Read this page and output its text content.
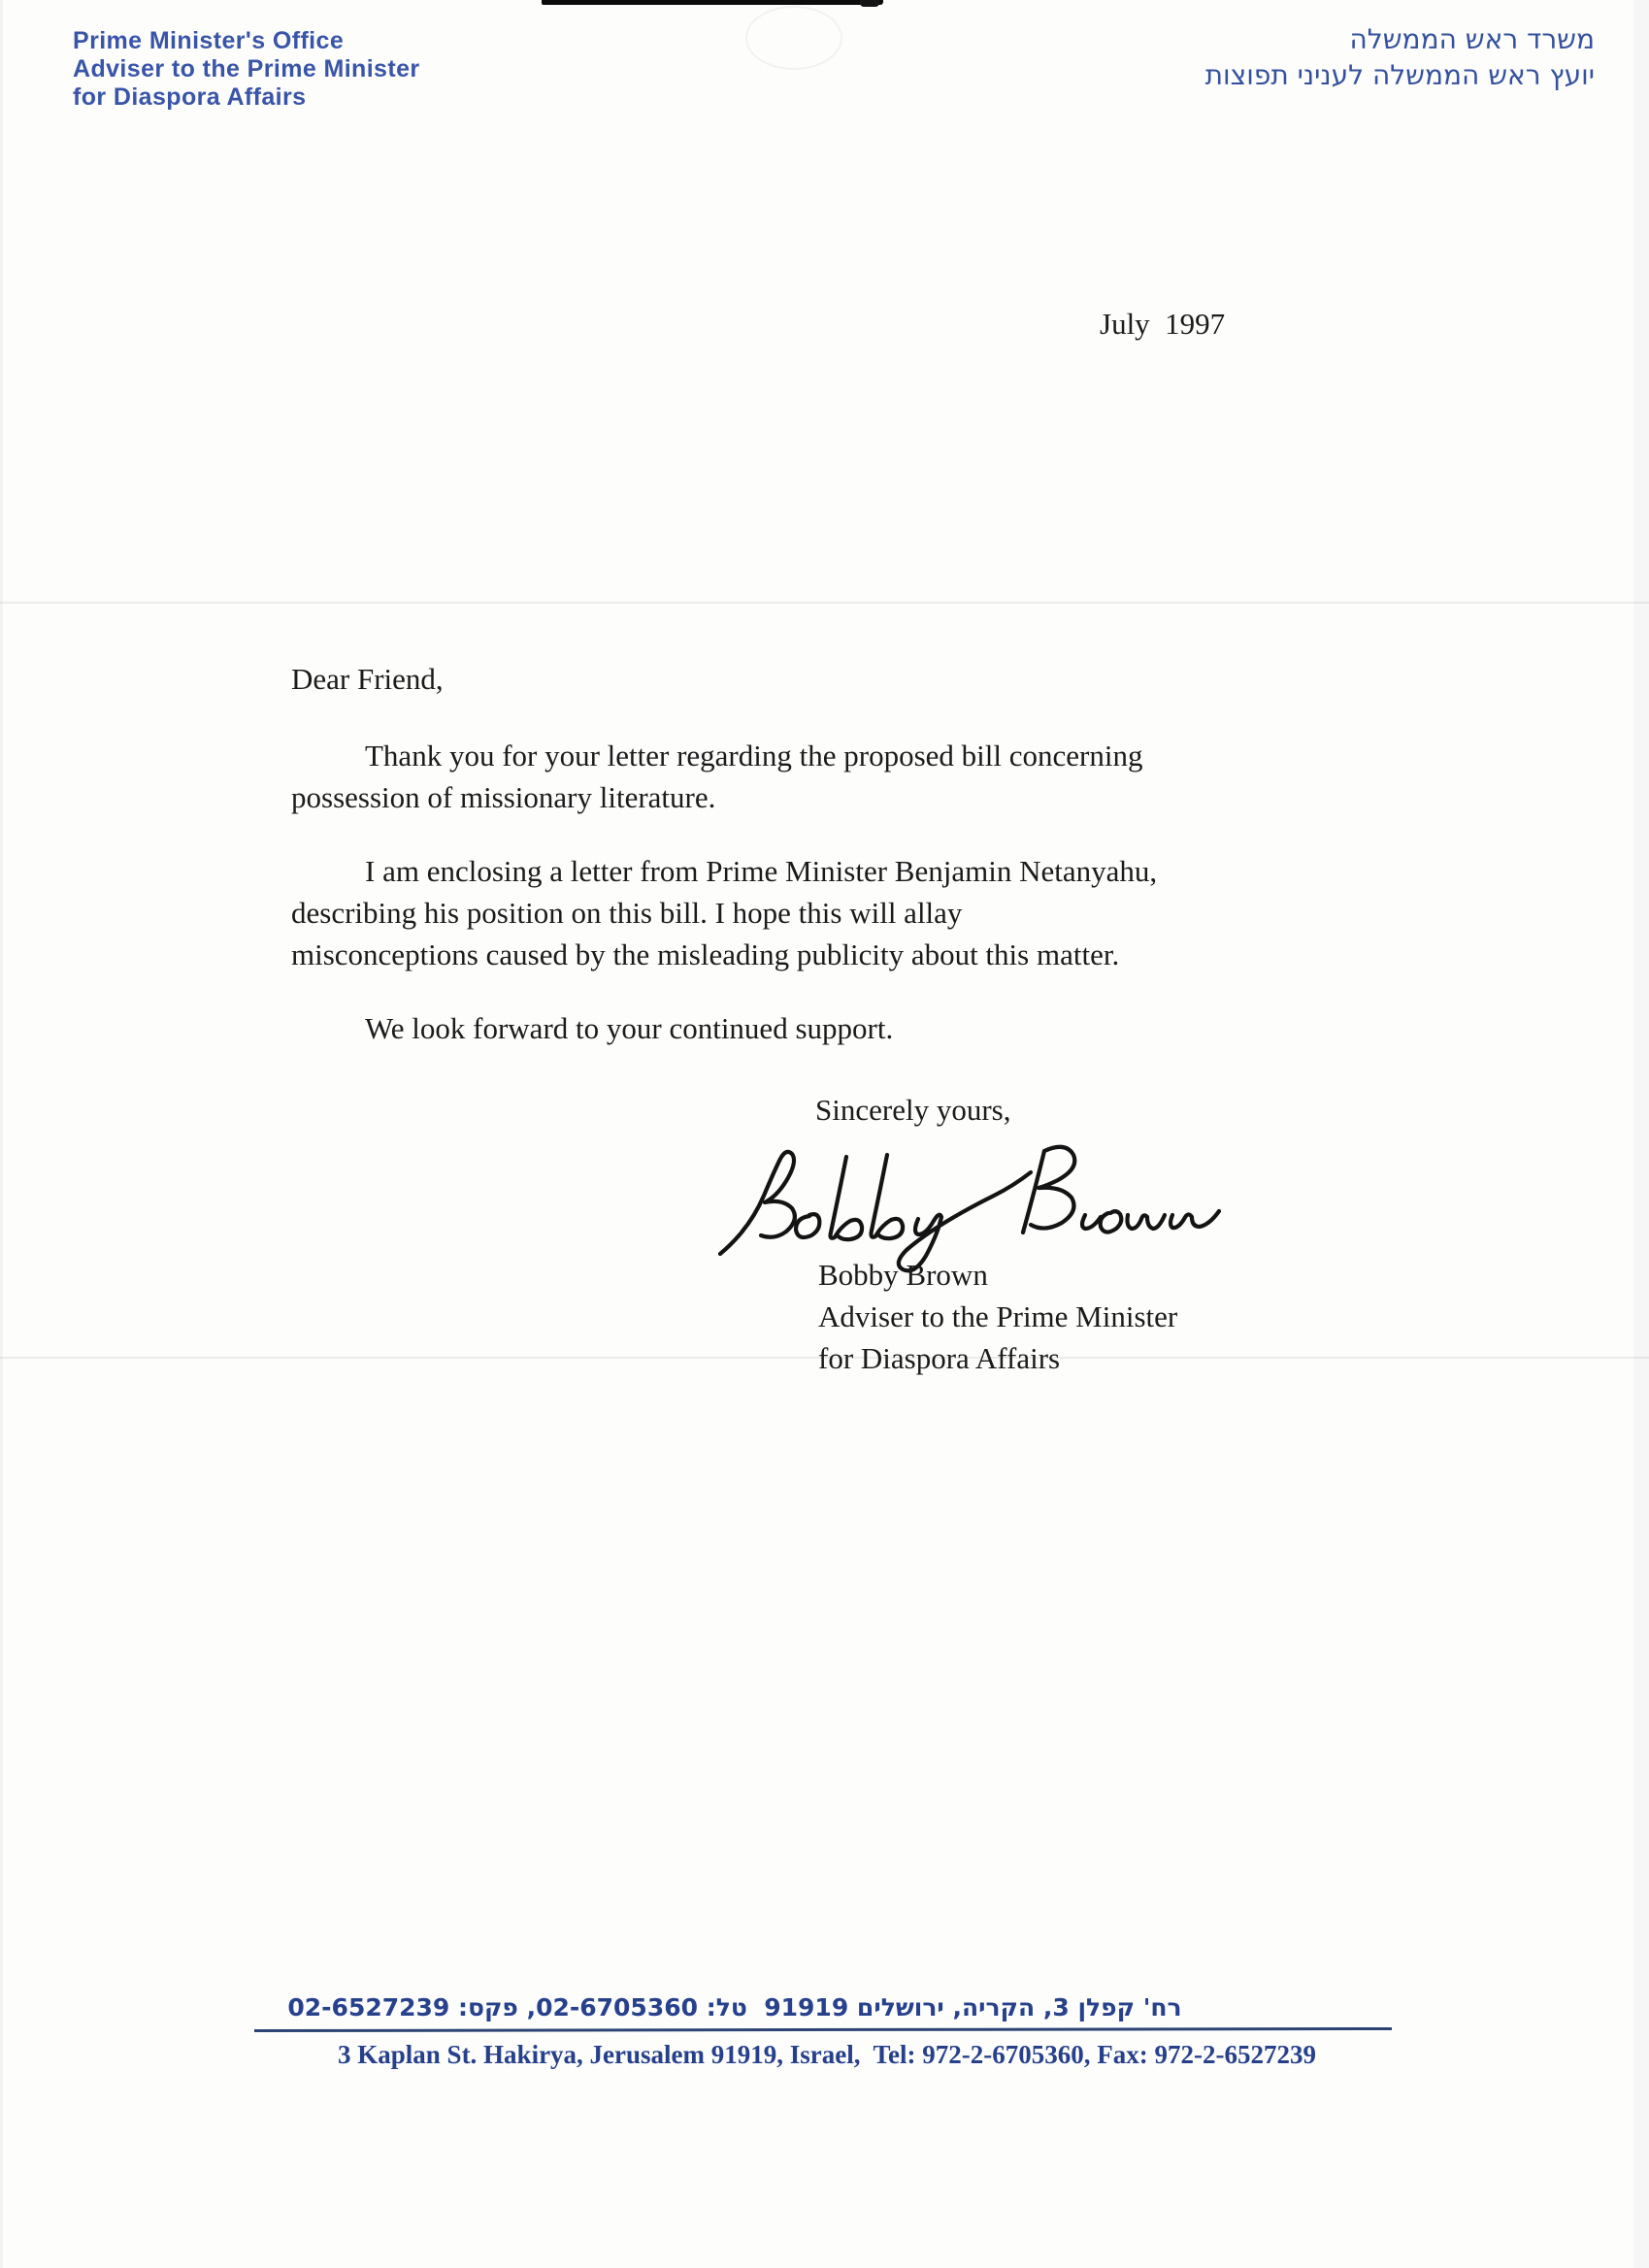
Prime Minister's Office
Adviser to the Prime Minister
for Diaspora Affairs
משרד ראש הממשלה
יועץ ראש הממשלה לעניני תפוצות
July  1997
Dear Friend,
Thank you for your letter regarding the proposed bill concerning
possession of missionary literature.
I am enclosing a letter from Prime Minister Benjamin Netanyahu,
describing his position on this bill. I hope this will allay
misconceptions caused by the misleading publicity about this matter.
We look forward to your continued support.
Sincerely yours,
Bobby Brown
Adviser to the Prime Minister
for Diaspora Affairs
רח' קפלן 3, הקריה, ירושלים 91919  טל: 02-6705360, פקס: 02-6527239
3 Kaplan St. Hakirya, Jerusalem 91919, Israel,  Tel: 972-2-6705360, Fax: 972-2-6527239
